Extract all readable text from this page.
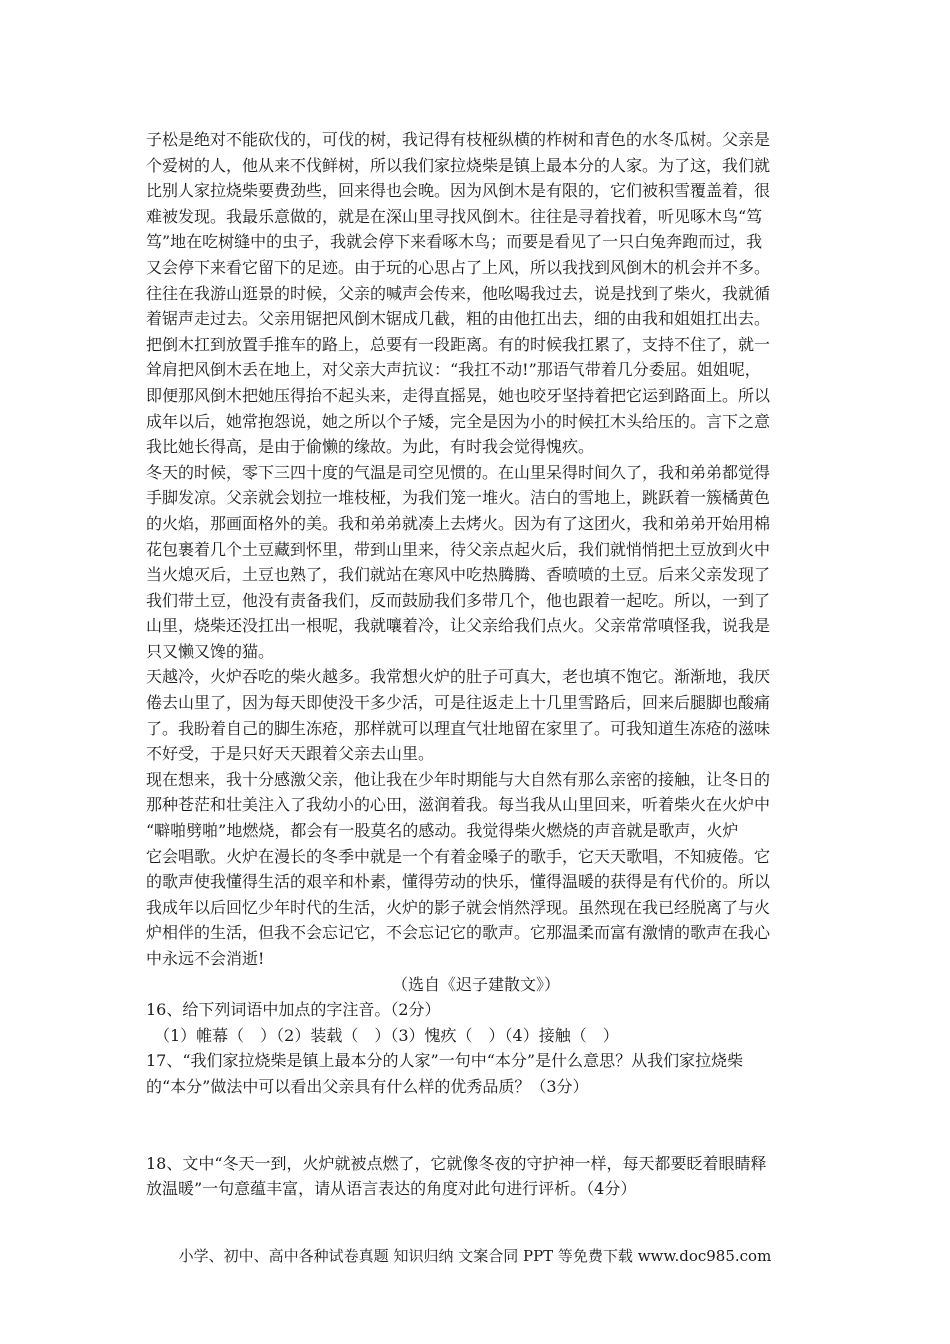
子松是绝对不能砍伐的，可伐的树，我记得有枝桠纵横的柞树和青色的水冬瓜树。父亲是
个爱树的人，他从来不伐鲜树，所以我们家拉烧柴是镇上最本分的人家。为了这，我们就
比别人家拉烧柴要费劲些，回来得也会晚。因为风倒木是有限的，它们被积雪覆盖着，很
难被发现。我最乐意做的，就是在深山里寻找风倒木。往往是寻着找着，听见啄木鸟“笃
笃”地在吃树缝中的虫子，我就会停下来看啄木鸟；而要是看见了一只白兔奔跑而过，我
又会停下来看它留下的足迹。由于玩的心思占了上风，所以我找到风倒木的机会并不多。
往往在我游山逛景的时候，父亲的喊声会传来，他吆喝我过去，说是找到了柴火，我就循
着锯声走过去。父亲用锯把风倒木锯成几截，粗的由他扛出去，细的由我和姐姐扛出去。
把倒木扛到放置手推车的路上，总要有一段距离。有的时候我扛累了，支持不住了，就一
耸肩把风倒木丢在地上，对父亲大声抗议：“我扛不动!”那语气带着几分委屈。姐姐呢，
即便那风倒木把她压得抬不起头来，走得直摇晃，她也咬牙坚持着把它运到路面上。所以
成年以后，她常抱怨说，她之所以个子矮，完全是因为小的时候扛木头给压的。言下之意
我比她长得高，是由于偷懒的缘故。为此，有时我会觉得愧疚。
冬天的时候，零下三四十度的气温是司空见惯的。在山里呆得时间久了，我和弟弟都觉得
手脚发凉。父亲就会划拉一堆枝桠，为我们笼一堆火。洁白的雪地上，跳跃着一簇橘黄色
的火焰，那画面格外的美。我和弟弟就凑上去烤火。因为有了这团火，我和弟弟开始用棉
花包裹着几个土豆藏到怀里，带到山里来，待父亲点起火后，我们就悄悄把土豆放到火中
当火熄灭后，土豆也熟了，我们就站在寒风中吃热腾腾、香喷喷的土豆。后来父亲发现了
我们带土豆，他没有责备我们，反而鼓励我们多带几个，他也跟着一起吃。所以，一到了
山里，烧柴还没扛出一根呢，我就嚷着冷，让父亲给我们点火。父亲常常嗔怪我，说我是
只又懒又馋的猫。
天越冷，火炉吞吃的柴火越多。我常想火炉的肚子可真大，老也填不饱它。渐渐地，我厌
倦去山里了，因为每天即使没干多少活，可是往返走上十几里雪路后，回来后腿脚也酸痛
了。我盼着自己的脚生冻疮，那样就可以理直气壮地留在家里了。可我知道生冻疮的滋味
不好受，于是只好天天跟着父亲去山里。
现在想来，我十分感激父亲，他让我在少年时期能与大自然有那么亲密的接触，让冬日的
那种苍茫和壮美注入了我幼小的心田，滋润着我。每当我从山里回来，听着柴火在火炉中
“噼啪劈啪”地燃烧，都会有一股莫名的感动。我觉得柴火燃烧的声音就是歌声，火炉
它会唱歌。火炉在漫长的冬季中就是一个有着金嗓子的歌手，它天天歌唱，不知疲倦。它
的歌声使我懂得生活的艰辛和朴素，懂得劳动的快乐，懂得温暖的获得是有代价的。所以
我成年以后回忆少年时代的生活，火炉的影子就会悄然浮现。虽然现在我已经脱离了与火
炉相伴的生活，但我不会忘记它，不会忘记它的歌声。它那温柔而富有激情的歌声在我心
中永远不会消逝!
（选自《迟子建散文》）
16、给下列词语中加点的字注音。（2分）
（1）帷幕（　）（2）装载（　）（3）愧疚（　）（4）接触（　）
17、“我们家拉烧柴是镇上最本分的人家”一句中“本分”是什么意思？从我们家拉烧柴
的“本分”做法中可以看出父亲具有什么样的优秀品质？（3分）
18、文中“冬天一到，火炉就被点燃了，它就像冬夜的守护神一样，每天都要眨着眼睛释
放温暖”一句意蕴丰富，请从语言表达的角度对此句进行评析。（4分）
小学、初中、高中各种试卷真题 知识归纳 文案合同 PPT 等免费下载 www.doc985.com
